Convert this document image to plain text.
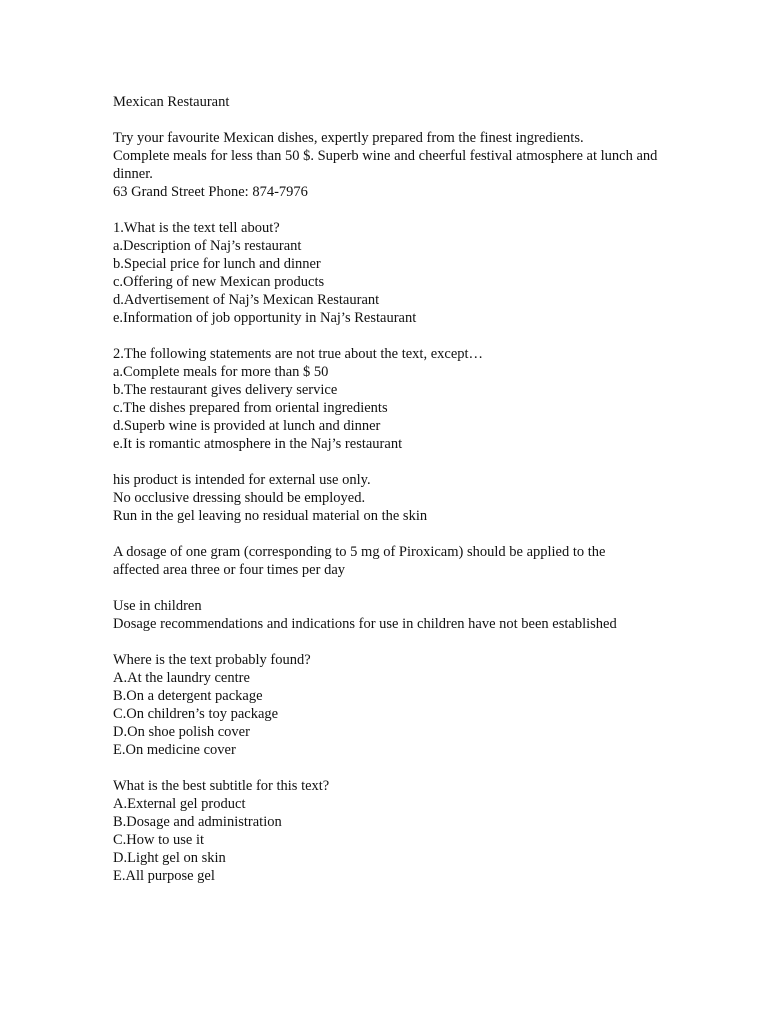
Mexican Restaurant
Try your favourite Mexican dishes, expertly prepared from the finest ingredients.
Complete meals for less than 50 $. Superb wine and cheerful festival atmosphere at lunch and dinner.
63 Grand Street Phone: 874-7976
1.What is the text tell about?
a.Description of Naj’s restaurant
b.Special price for lunch and dinner
c.Offering of new Mexican products
d.Advertisement of Naj’s Mexican Restaurant
e.Information of job opportunity in Naj’s Restaurant
2.The following statements are not true about the text, except…
a.Complete meals for more than $ 50
b.The restaurant gives delivery service
c.The dishes prepared from oriental ingredients
d.Superb wine is provided at lunch and dinner
e.It is romantic atmosphere in the Naj’s restaurant
his product is intended for external use only.
No occlusive dressing should be employed.
Run in the gel leaving no residual material on the skin
A dosage of one gram (corresponding to 5 mg of Piroxicam) should be applied to the affected area three or four times per day
Use in children
Dosage recommendations and indications for use in children have not been established
Where is the text probably found?
A.At the laundry centre
B.On a detergent package
C.On children’s toy package
D.On shoe polish cover
E.On medicine cover
What is the best subtitle for this text?
A.External gel product
B.Dosage and administration
C.How to use it
D.Light gel on skin
E.All purpose gel
